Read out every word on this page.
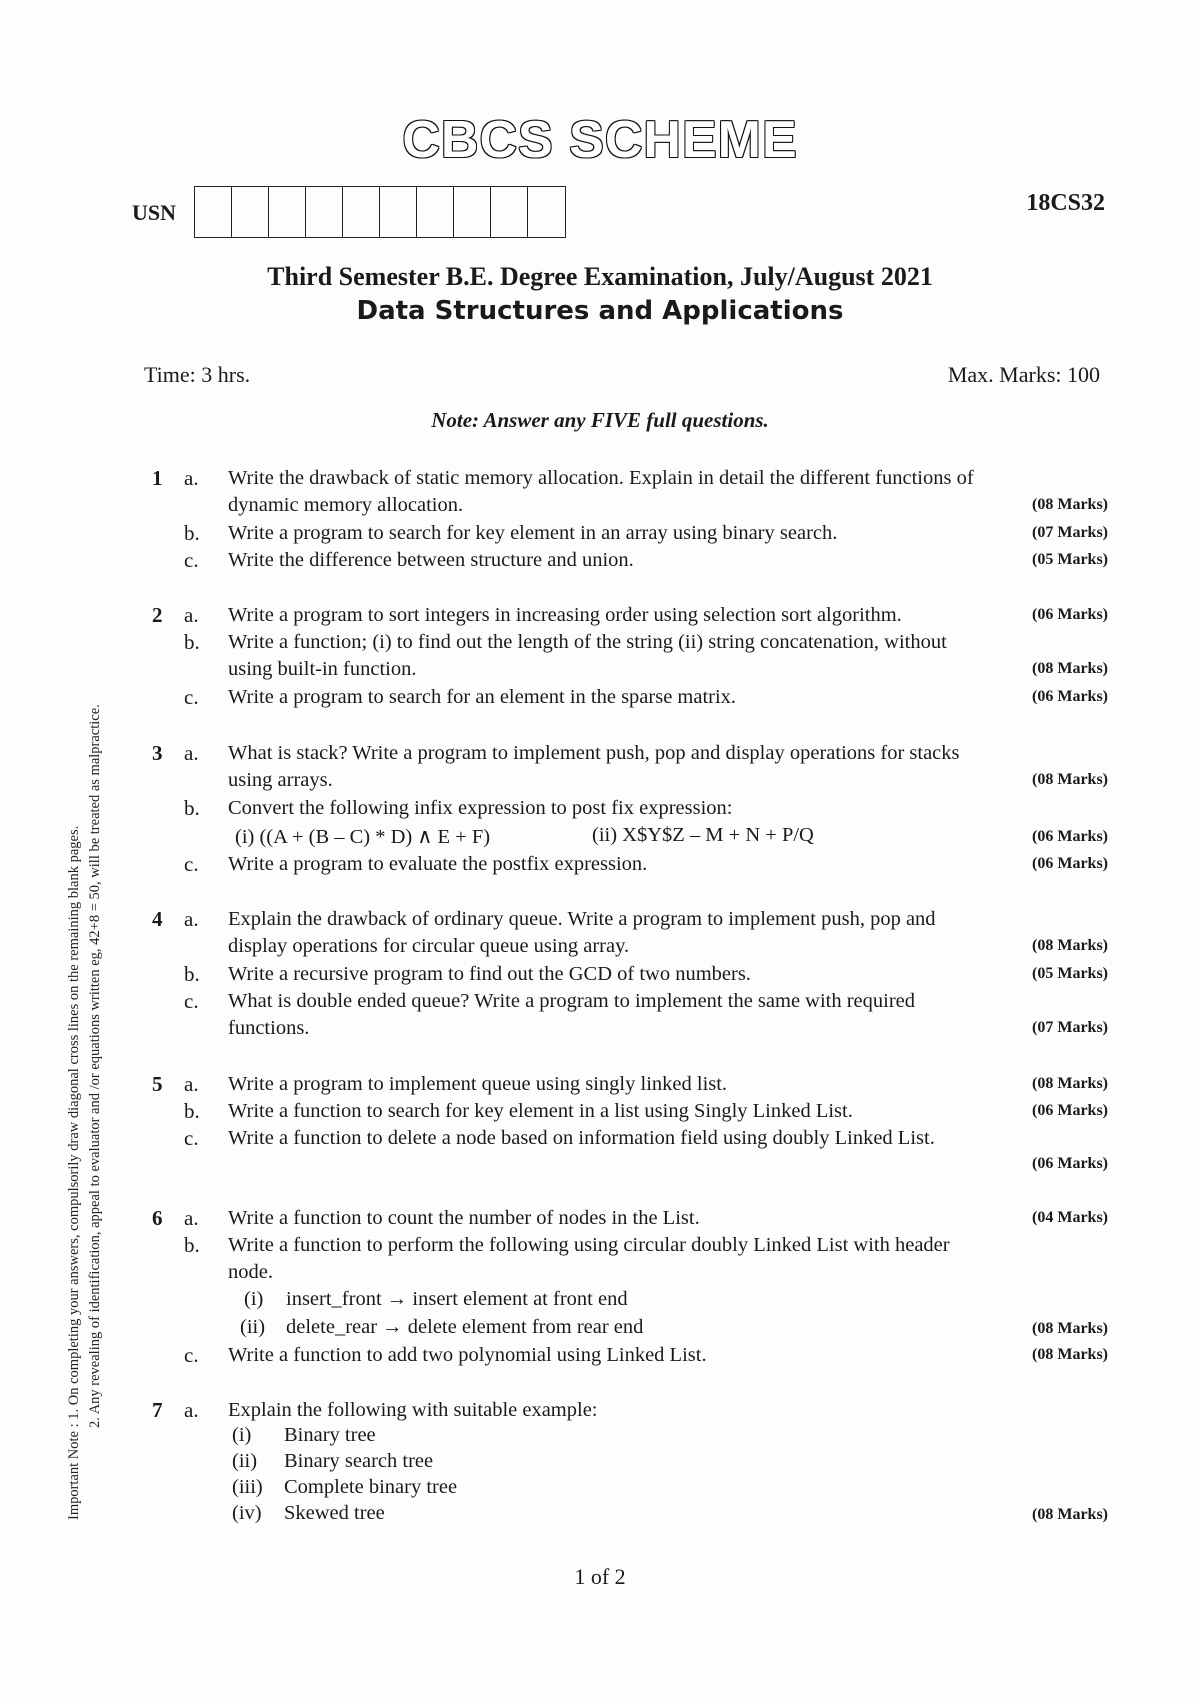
CBCS SCHEME
USN	18CS32
Third Semester B.E. Degree Examination, July/August 2021
Data Structures and Applications
Time: 3 hrs.	Max. Marks: 100
Note: Answer any FIVE full questions.
Important Note : 1. On completing your answers, compulsorily draw diagonal cross lines on the remaining blank pages. 2. Any revealing of identification, appeal to evaluator and /or equations written eg, 42+8 = 50, will be treated as malpractice.
1 a.	Write the drawback of static memory allocation. Explain in detail the different functions of
dynamic memory allocation.	(08 Marks)
b.	Write a program to search for key element in an array using binary search.	(07 Marks)
c.	Write the difference between structure and union.	(05 Marks)
2 a.	Write a program to sort integers in increasing order using selection sort algorithm.	(06 Marks)
b.	Write a function; (i) to find out the length of the string (ii) string concatenation, without
using built-in function.	(08 Marks)
c.	Write a program to search for an element in the sparse matrix.	(06 Marks)
3 a.	What is stack? Write a program to implement push, pop and display operations for stacks
using arrays.	(08 Marks)
b.	Convert the following infix expression to post fix expression:
(i) ((A + (B – C) * D) ∧ E + F)	(ii) X$Y$Z – M + N + P/Q	(06 Marks)
c.	Write a program to evaluate the postfix expression.	(06 Marks)
4 a.	Explain the drawback of ordinary queue. Write a program to implement push, pop and
display operations for circular queue using array.	(08 Marks)
b.	Write a recursive program to find out the GCD of two numbers.	(05 Marks)
c.	What is double ended queue? Write a program to implement the same with required
functions.	(07 Marks)
5 a.	Write a program to implement queue using singly linked list.	(08 Marks)
b.	Write a function to search for key element in a list using Singly Linked List.	(06 Marks)
c.	Write a function to delete a node based on information field using doubly Linked List.
(06 Marks)
6 a.	Write a function to count the number of nodes in the List.	(04 Marks)
b.	Write a function to perform the following using circular doubly Linked List with header
node.
(i) insert_front → insert element at front end
(ii) delete_rear → delete element from rear end	(08 Marks)
c.	Write a function to add two polynomial using Linked List.	(08 Marks)
7 a.	Explain the following with suitable example:
(i) Binary tree
(ii) Binary search tree
(iii) Complete binary tree
(iv) Skewed tree	(08 Marks)
1 of 2
